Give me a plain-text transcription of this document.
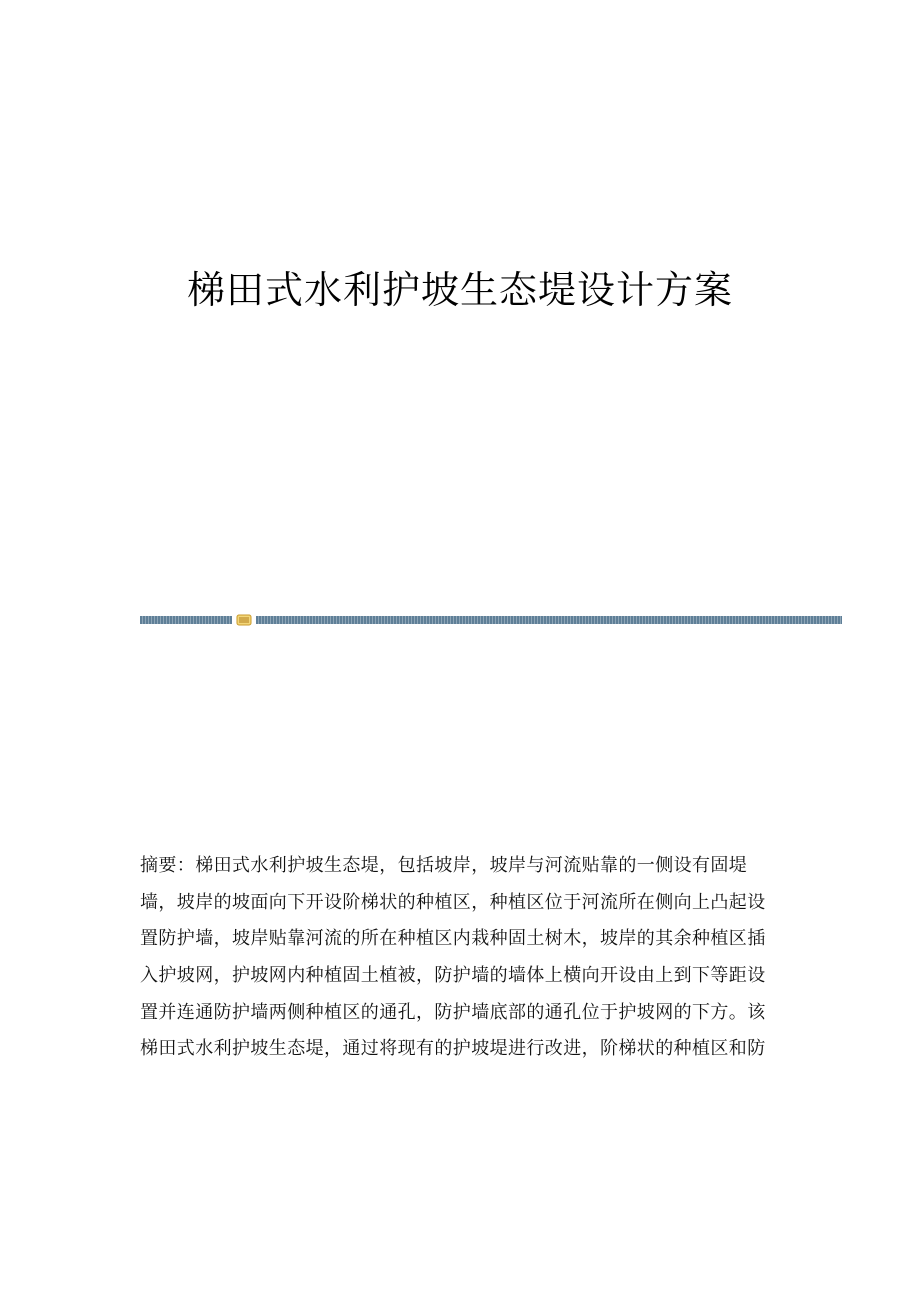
梯田式水利护坡生态堤设计方案
摘要：梯田式水利护坡生态堤，包括坡岸，坡岸与河流贴靠的一侧设有固堤
墙，坡岸的坡面向下开设阶梯状的种植区，种植区位于河流所在侧向上凸起设
置防护墙，坡岸贴靠河流的所在种植区内栽种固土树木，坡岸的其余种植区插
入护坡网，护坡网内种植固土植被，防护墙的墙体上横向开设由上到下等距设
置并连通防护墙两侧种植区的通孔，防护墙底部的通孔位于护坡网的下方。该
梯田式水利护坡生态堤，通过将现有的护坡堤进行改进，阶梯状的种植区和防
